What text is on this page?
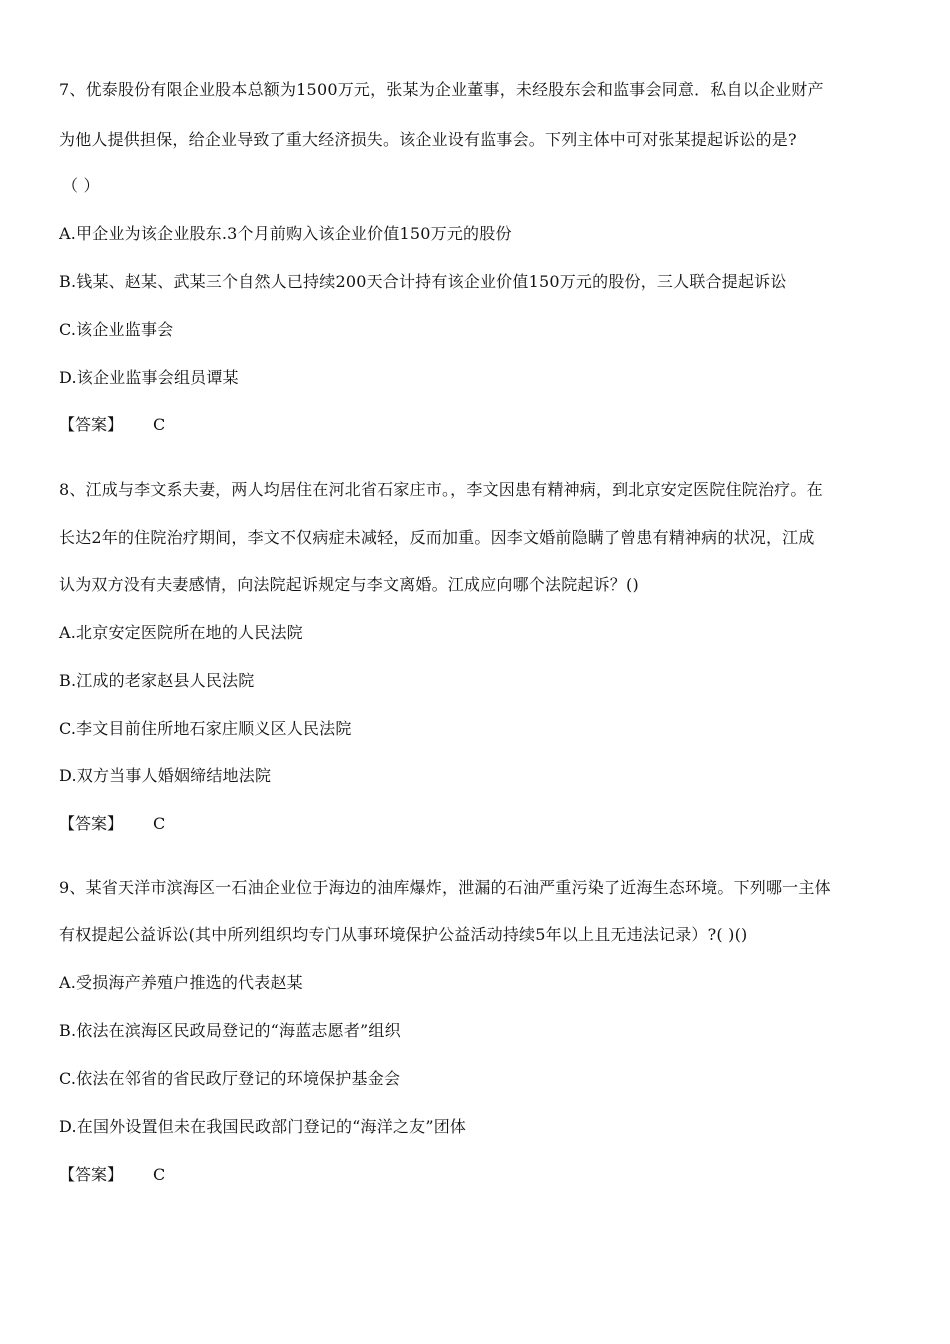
7、优泰股份有限企业股本总额为1500万元，张某为企业董事，未经股东会和监事会同意．私自以企业财产
为他人提供担保，给企业导致了重大经济损失。该企业设有监事会。下列主体中可对张某提起诉讼的是?
（ ）
A.甲企业为该企业股东.3个月前购入该企业价值150万元的股份
B.钱某、赵某、武某三个自然人已持续200天合计持有该企业价值150万元的股份，三人联合提起诉讼
C.该企业监事会
D.该企业监事会组员谭某
【答案】 C
8、江成与李文系夫妻，两人均居住在河北省石家庄市。，李文因患有精神病，到北京安定医院住院治疗。在
长达2年的住院治疗期间，李文不仅病症未减轻，反而加重。因李文婚前隐瞒了曾患有精神病的状况，江成
认为双方没有夫妻感情，向法院起诉规定与李文离婚。江成应向哪个法院起诉？()
A.北京安定医院所在地的人民法院
B.江成的老家赵县人民法院
C.李文目前住所地石家庄顺义区人民法院
D.双方当事人婚姻缔结地法院
【答案】 C
9、某省天洋市滨海区一石油企业位于海边的油库爆炸，泄漏的石油严重污染了近海生态环境。下列哪一主体
有权提起公益诉讼(其中所列组织均专门从事环境保护公益活动持续5年以上且无违法记录）?( )()
A.受损海产养殖户推选的代表赵某
B.依法在滨海区民政局登记的“海蓝志愿者”组织
C.依法在邻省的省民政厅登记的环境保护基金会
D.在国外设置但未在我国民政部门登记的“海洋之友”团体
【答案】 C
